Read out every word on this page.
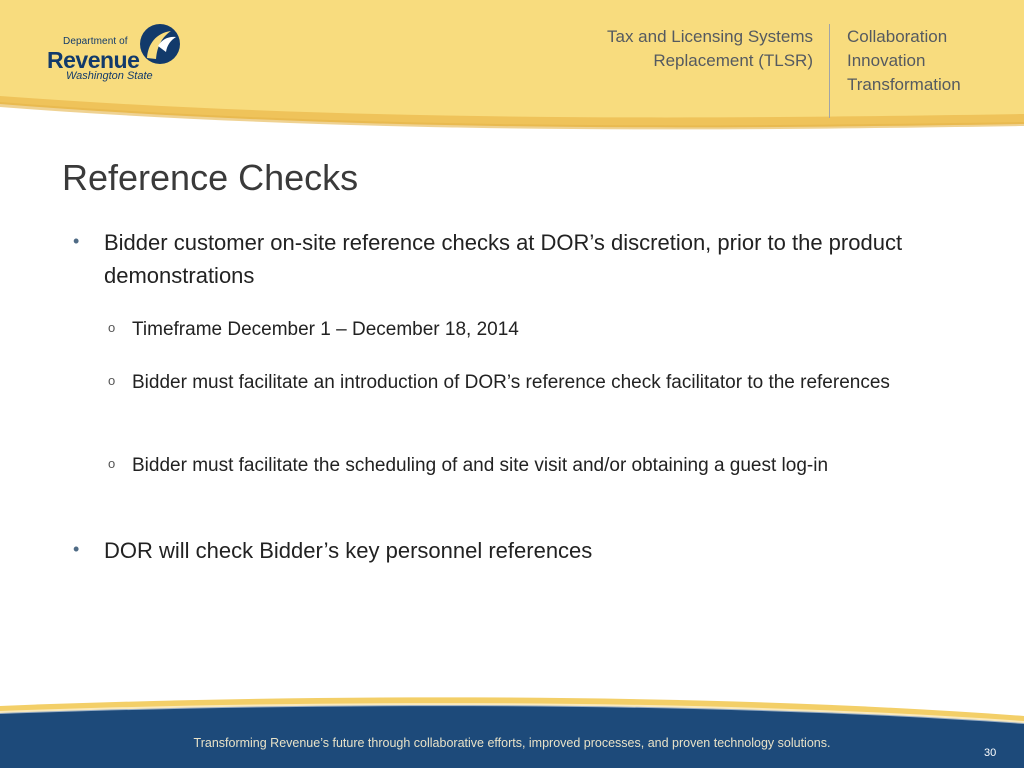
Department of
Revenue
Washington State
Tax and Licensing Systems
Replacement (TLSR)
Collaboration
Innovation
Transformation
Reference Checks
• Bidder customer on-site reference checks at DOR’s discretion, prior to the product demonstrations
o Timeframe December 1 – December 18, 2014
o Bidder must facilitate an introduction of DOR’s reference check facilitator to the references
o Bidder must facilitate the scheduling of and site visit and/or obtaining a guest log-in
• DOR will check Bidder’s key personnel references
Transforming Revenue’s future through collaborative efforts, improved processes, and proven technology solutions.
30
